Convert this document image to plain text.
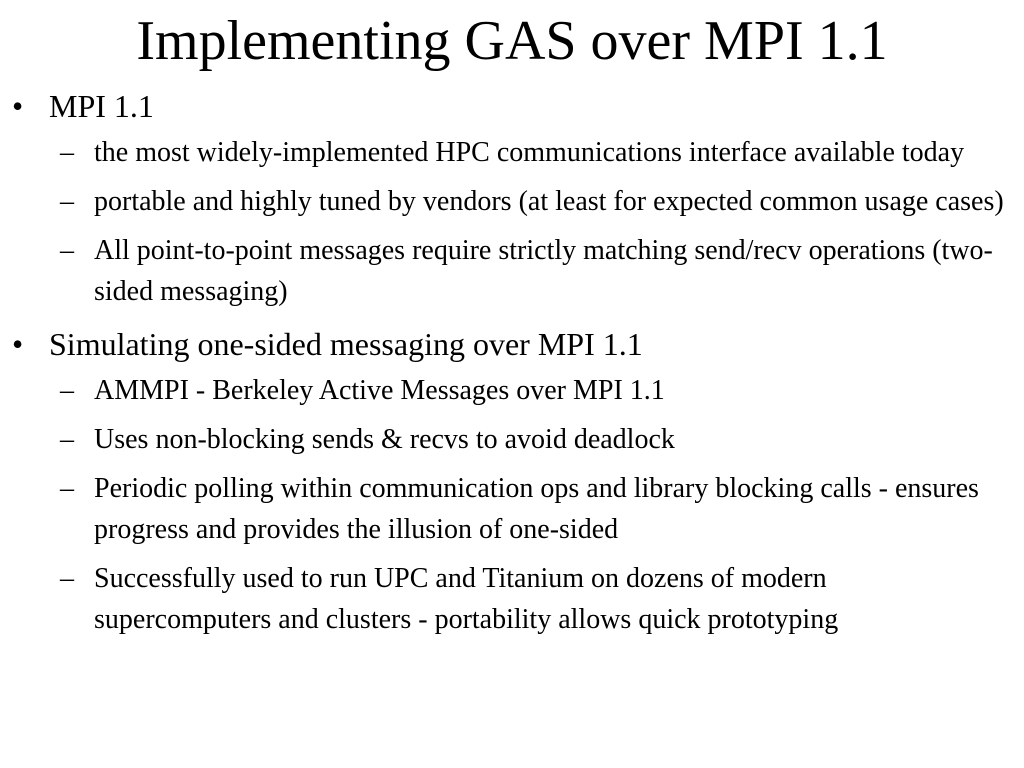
Implementing GAS over MPI 1.1
• MPI 1.1
– the most widely-implemented HPC communications interface available today
– portable and highly tuned by vendors (at least for expected common usage cases)
– All point-to-point messages require strictly matching send/recv operations (two-sided messaging)
• Simulating one-sided messaging over MPI 1.1
– AMMPI - Berkeley Active Messages over MPI 1.1
– Uses non-blocking sends & recvs to avoid deadlock
– Periodic polling within communication ops and library blocking calls - ensures progress and provides the illusion of one-sided
– Successfully used to run UPC and Titanium on dozens of modern supercomputers and clusters - portability allows quick prototyping
